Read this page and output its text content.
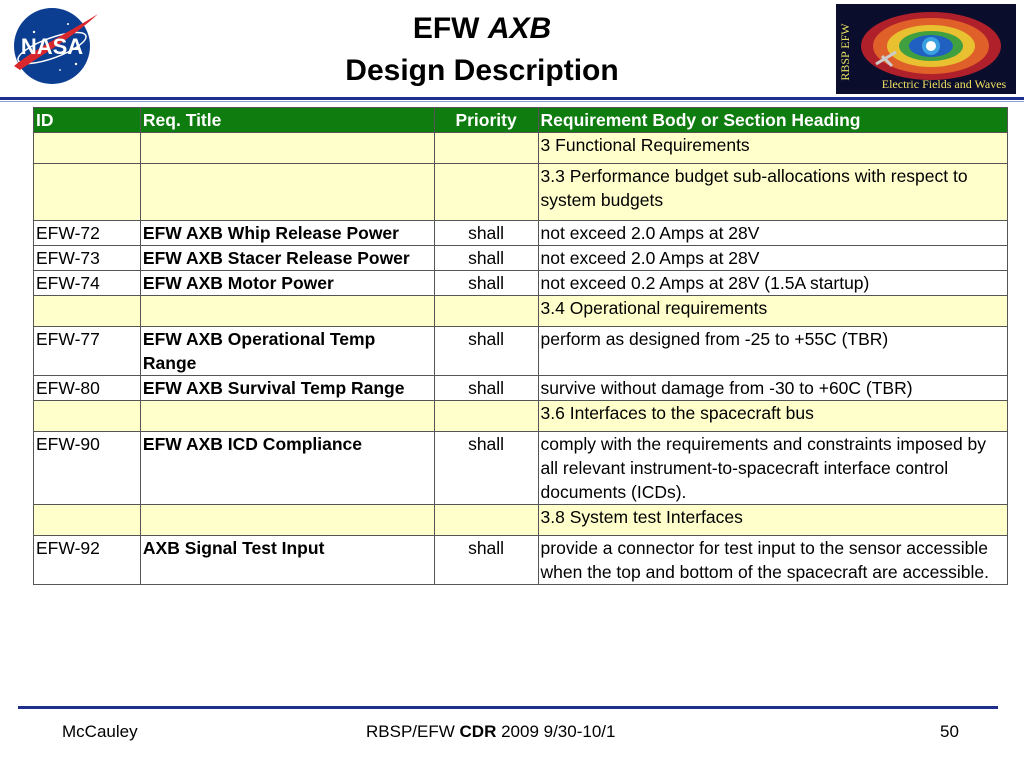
NASA
EFW AXB
Design Description	RBSP EFW
Electric Fields and Waves
ID	Req. Title	Priority	Requirement Body or Section Heading
			3 Functional Requirements
			3.3 Performance budget sub-allocations with respect to system budgets
EFW-72	EFW AXB Whip Release Power	shall	not exceed 2.0 Amps at 28V
EFW-73	EFW AXB Stacer Release Power	shall	not exceed 2.0 Amps at 28V
EFW-74	EFW AXB Motor Power	shall	not exceed 0.2 Amps at 28V (1.5A startup)
			3.4 Operational requirements
EFW-77	EFW AXB Operational Temp Range	shall	perform as designed from -25 to +55C (TBR)
EFW-80	EFW AXB Survival Temp Range	shall	survive without damage from -30 to +60C (TBR)
			3.6 Interfaces to the spacecraft bus
EFW-90	EFW AXB ICD Compliance	shall	comply with the requirements and constraints imposed by all relevant instrument-to-spacecraft interface control documents (ICDs).
			3.8 System test Interfaces
EFW-92	AXB Signal Test Input	shall	provide a connector for test input to the sensor accessible when the top and bottom of the spacecraft are accessible.
McCauley	RBSP/EFW CDR 2009 9/30-10/1	50
